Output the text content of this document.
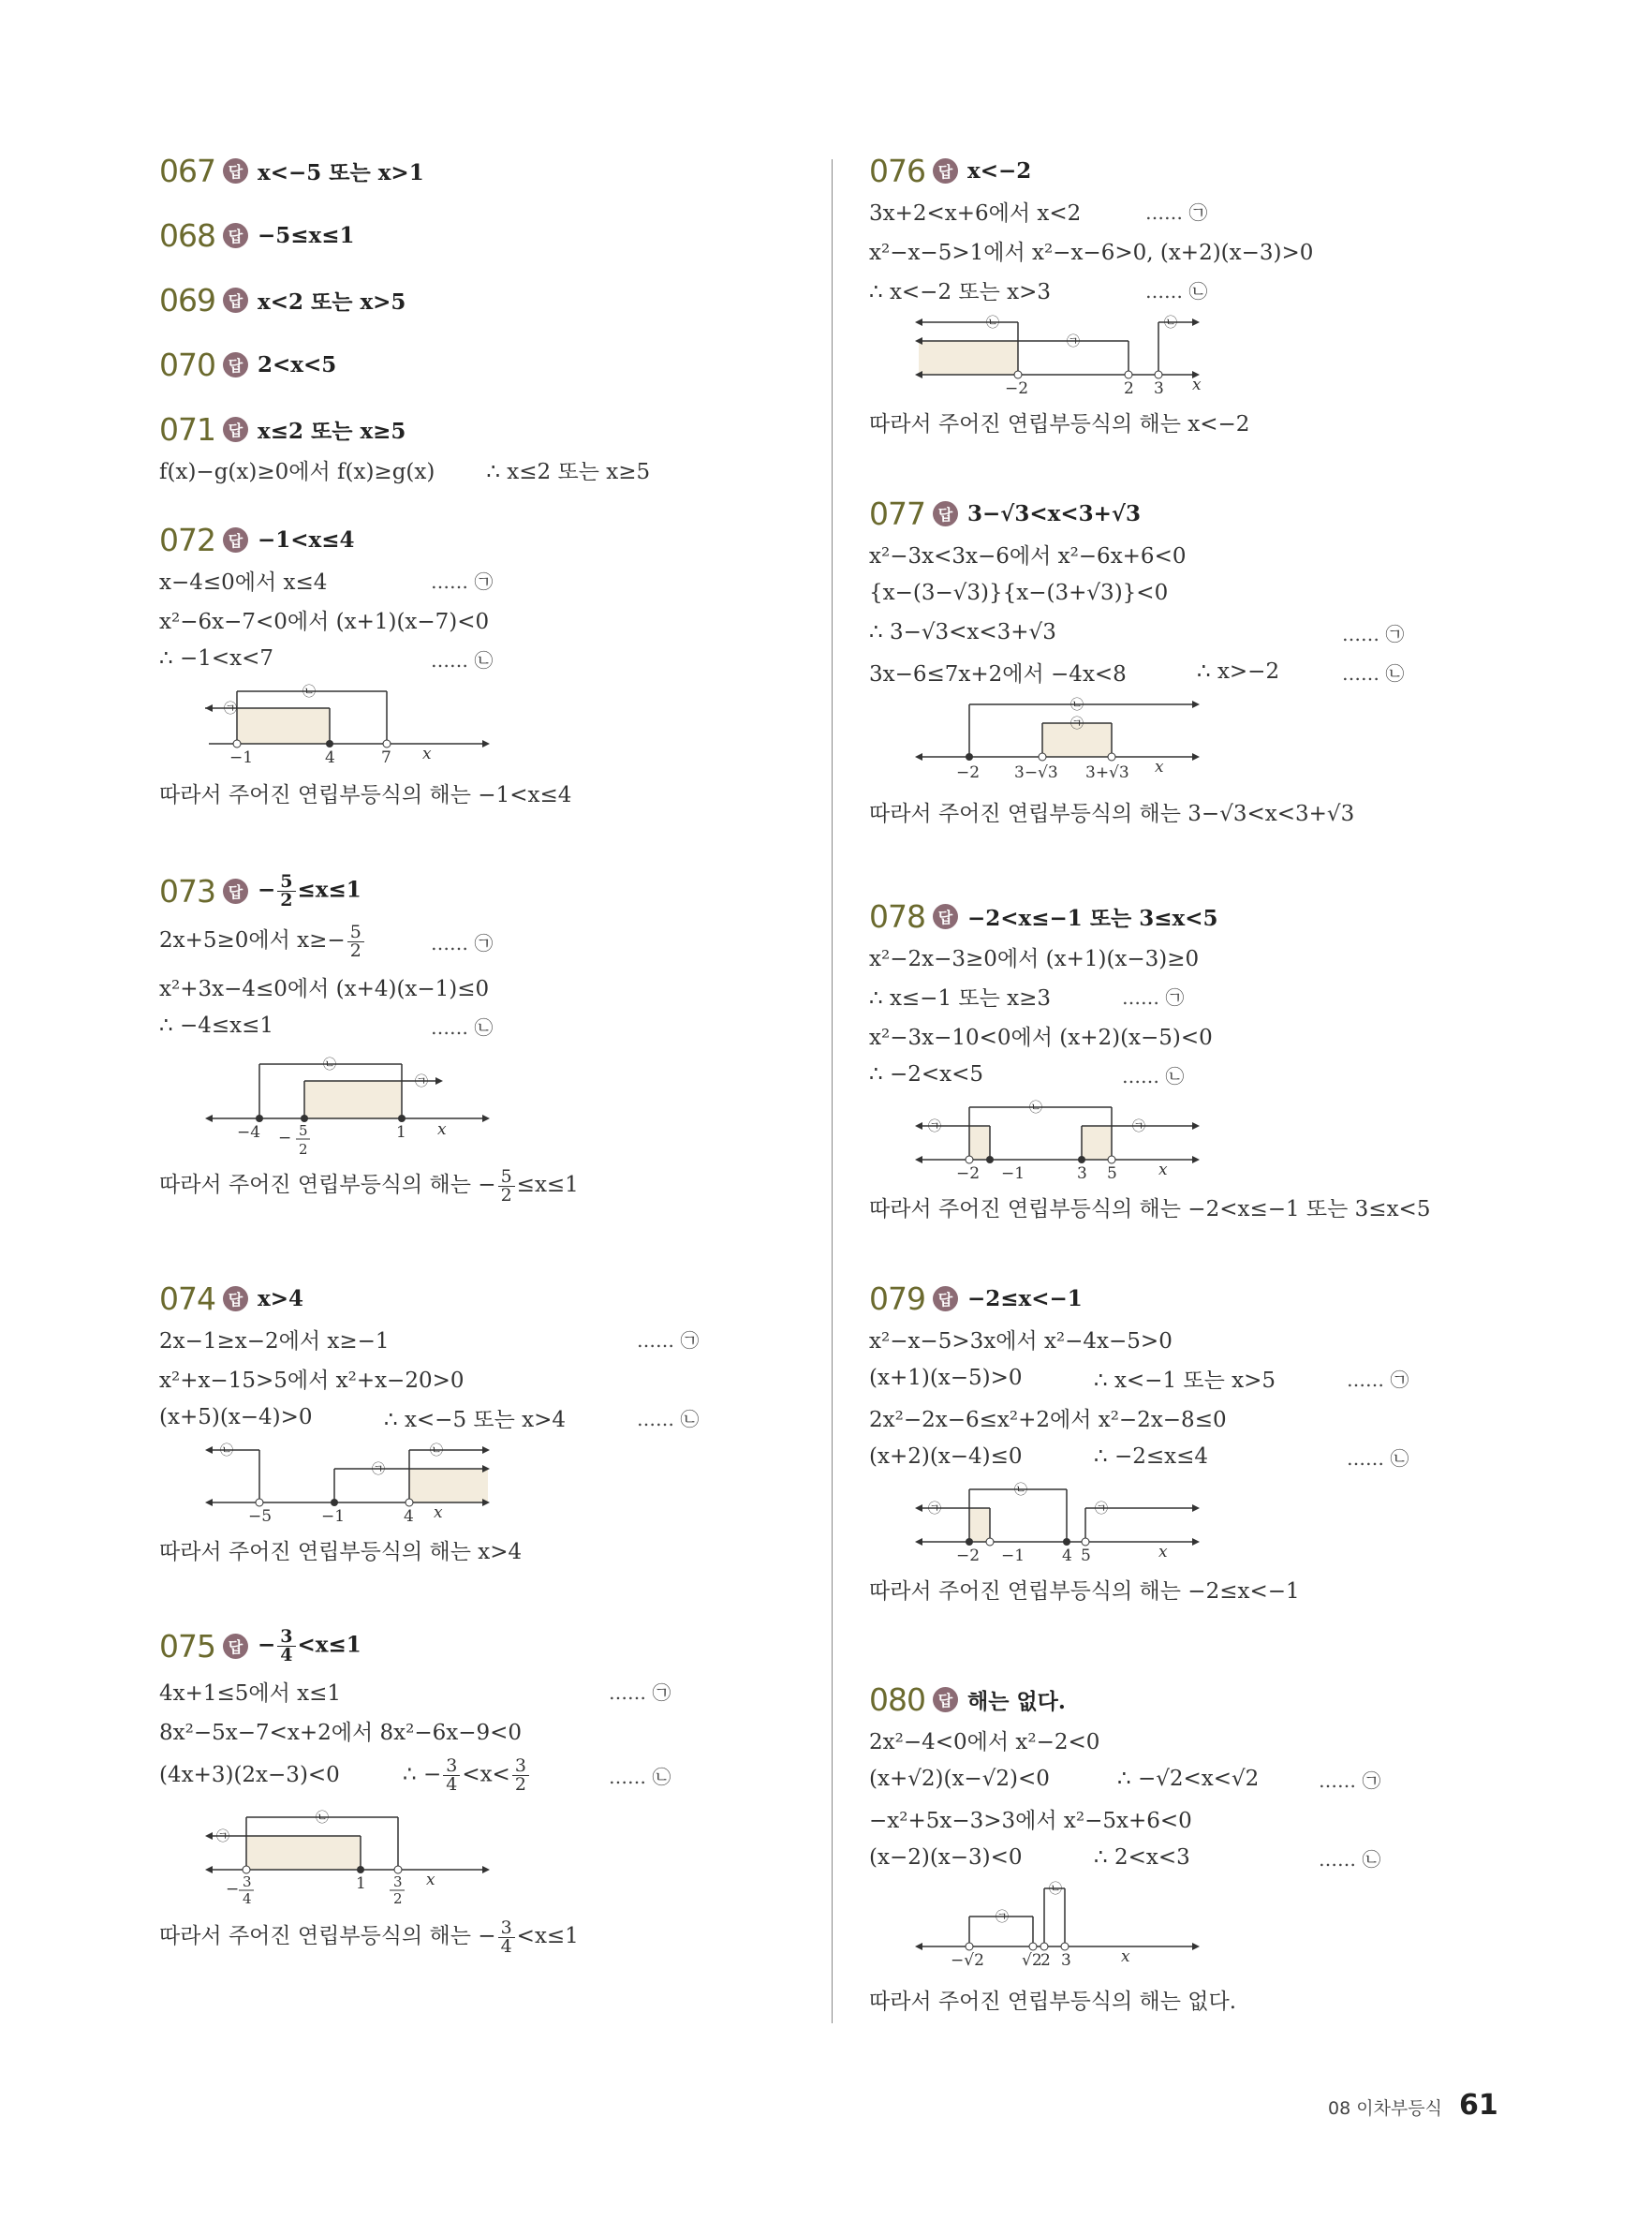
067 답 x<−5 또는 x>1
068 답 −5≤x≤1
069 답 x<2 또는 x>5
070 답 2<x<5
071 답 x≤2 또는 x≥5
f(x)−g(x)≥0에서 f(x)≥g(x) ∴ x≤2 또는 x≥5
072 답 −1<x≤4
x−4≤0에서 x≤4	…… ㉠
x²−6x−7<0에서 (x+1)(x−7)<0
∴ −1<x<7	…… ㉡
㉠
㉡
−1	4	7 x
따라서 주어진 연립부등식의 해는 −1<x≤4
073 답 − $\frac{5}{2} \le x\le 1$
2x+5≥0에서 $x\ge- \frac{5}{2}$	…… ㉠
x²+3x−4≤0에서 (x+4)(x−1)≤0
∴ −4≤x≤1	…… ㉡
㉡
㉠
−4 − 5
2
1 x
따라서 주어진 연립부등식의 해는 − $\frac{5}{2} \le x\le 1$
074 답 x>4
2x−1≥x−2에서 x≥−1	…… ㉠
x²+x−15>5에서 x²+x−20>0
(x+5)(x−4)>0	∴ x<−5 또는 x>4	…… ㉡
㉡
㉠
㉡
−5	−1	4 x
따라서 주어진 연립부등식의 해는 x>4
075 답 − $\frac{3}{4} <x\le 1$
4x+1≤5에서 x≤1	…… ㉠
8x²−5x−7<x+2에서 8x²−6x−9<0
(4x+3)(2x−3)<0	∴ − $\frac{3}{4} <x< \frac{3}{2}$	…… ㉡
㉠
㉡
− 3
4
1 3
2
x
따라서 주어진 연립부등식의 해는 − $\frac{3}{4} <x\le 1$
076 답 x<−2
3x+2<x+6에서 x<2	…… ㉠
x²−x−5>1에서 x²−x−6>0, (x+2)(x−3)>0
∴ x<−2 또는 x>3	…… ㉡
㉡
㉠
㉡
−2	2 3 x
따라서 주어진 연립부등식의 해는 x<−2
077 답 3−√3<x<3+√3
x²−3x<3x−6에서 x²−6x+6<0
{x−(3−√3)}{x−(3+√3)}<0
∴ 3−√3<x<3+√3	…… ㉠
3x−6≤7x+2에서 −4x<8	∴ x>−2	…… ㉡
㉡
㉠
−2 3−√3 3+√3 x
따라서 주어진 연립부등식의 해는 3−√3<x<3+√3
078 답 −2<x≤−1 또는 3≤x<5
x²−2x−3≥0에서 (x+1)(x−3)≥0
∴ x≤−1 또는 x≥3	…… ㉠
x²−3x−10<0에서 (x+2)(x−5)<0
∴ −2<x<5	…… ㉡
㉠
㉡
㉠
−2 −1	3 5	x
따라서 주어진 연립부등식의 해는 −2<x≤−1 또는 3≤x<5
079 답 −2≤x<−1
x²−x−5>3x에서 x²−4x−5>0
(x+1)(x−5)>0	∴ x<−1 또는 x>5	…… ㉠
2x²−2x−6≤x²+2에서 x²−2x−8≤0
(x+2)(x−4)≤0	∴ −2≤x≤4	…… ㉡
㉠
㉡
㉠
−2 −1 4 5	x
따라서 주어진 연립부등식의 해는 −2≤x<−1
080 답 해는 없다.
2x²−4<0에서 x²−2<0
(x+√2)(x−√2)<0	∴ −√2<x<√2	…… ㉠
−x²+5x−3>3에서 x²−5x+6<0
(x−2)(x−3)<0	∴ 2<x<3	…… ㉡
㉠
㉡
−√2 √2
2 3	x
따라서 주어진 연립부등식의 해는 없다.
08 이차부등식 61
